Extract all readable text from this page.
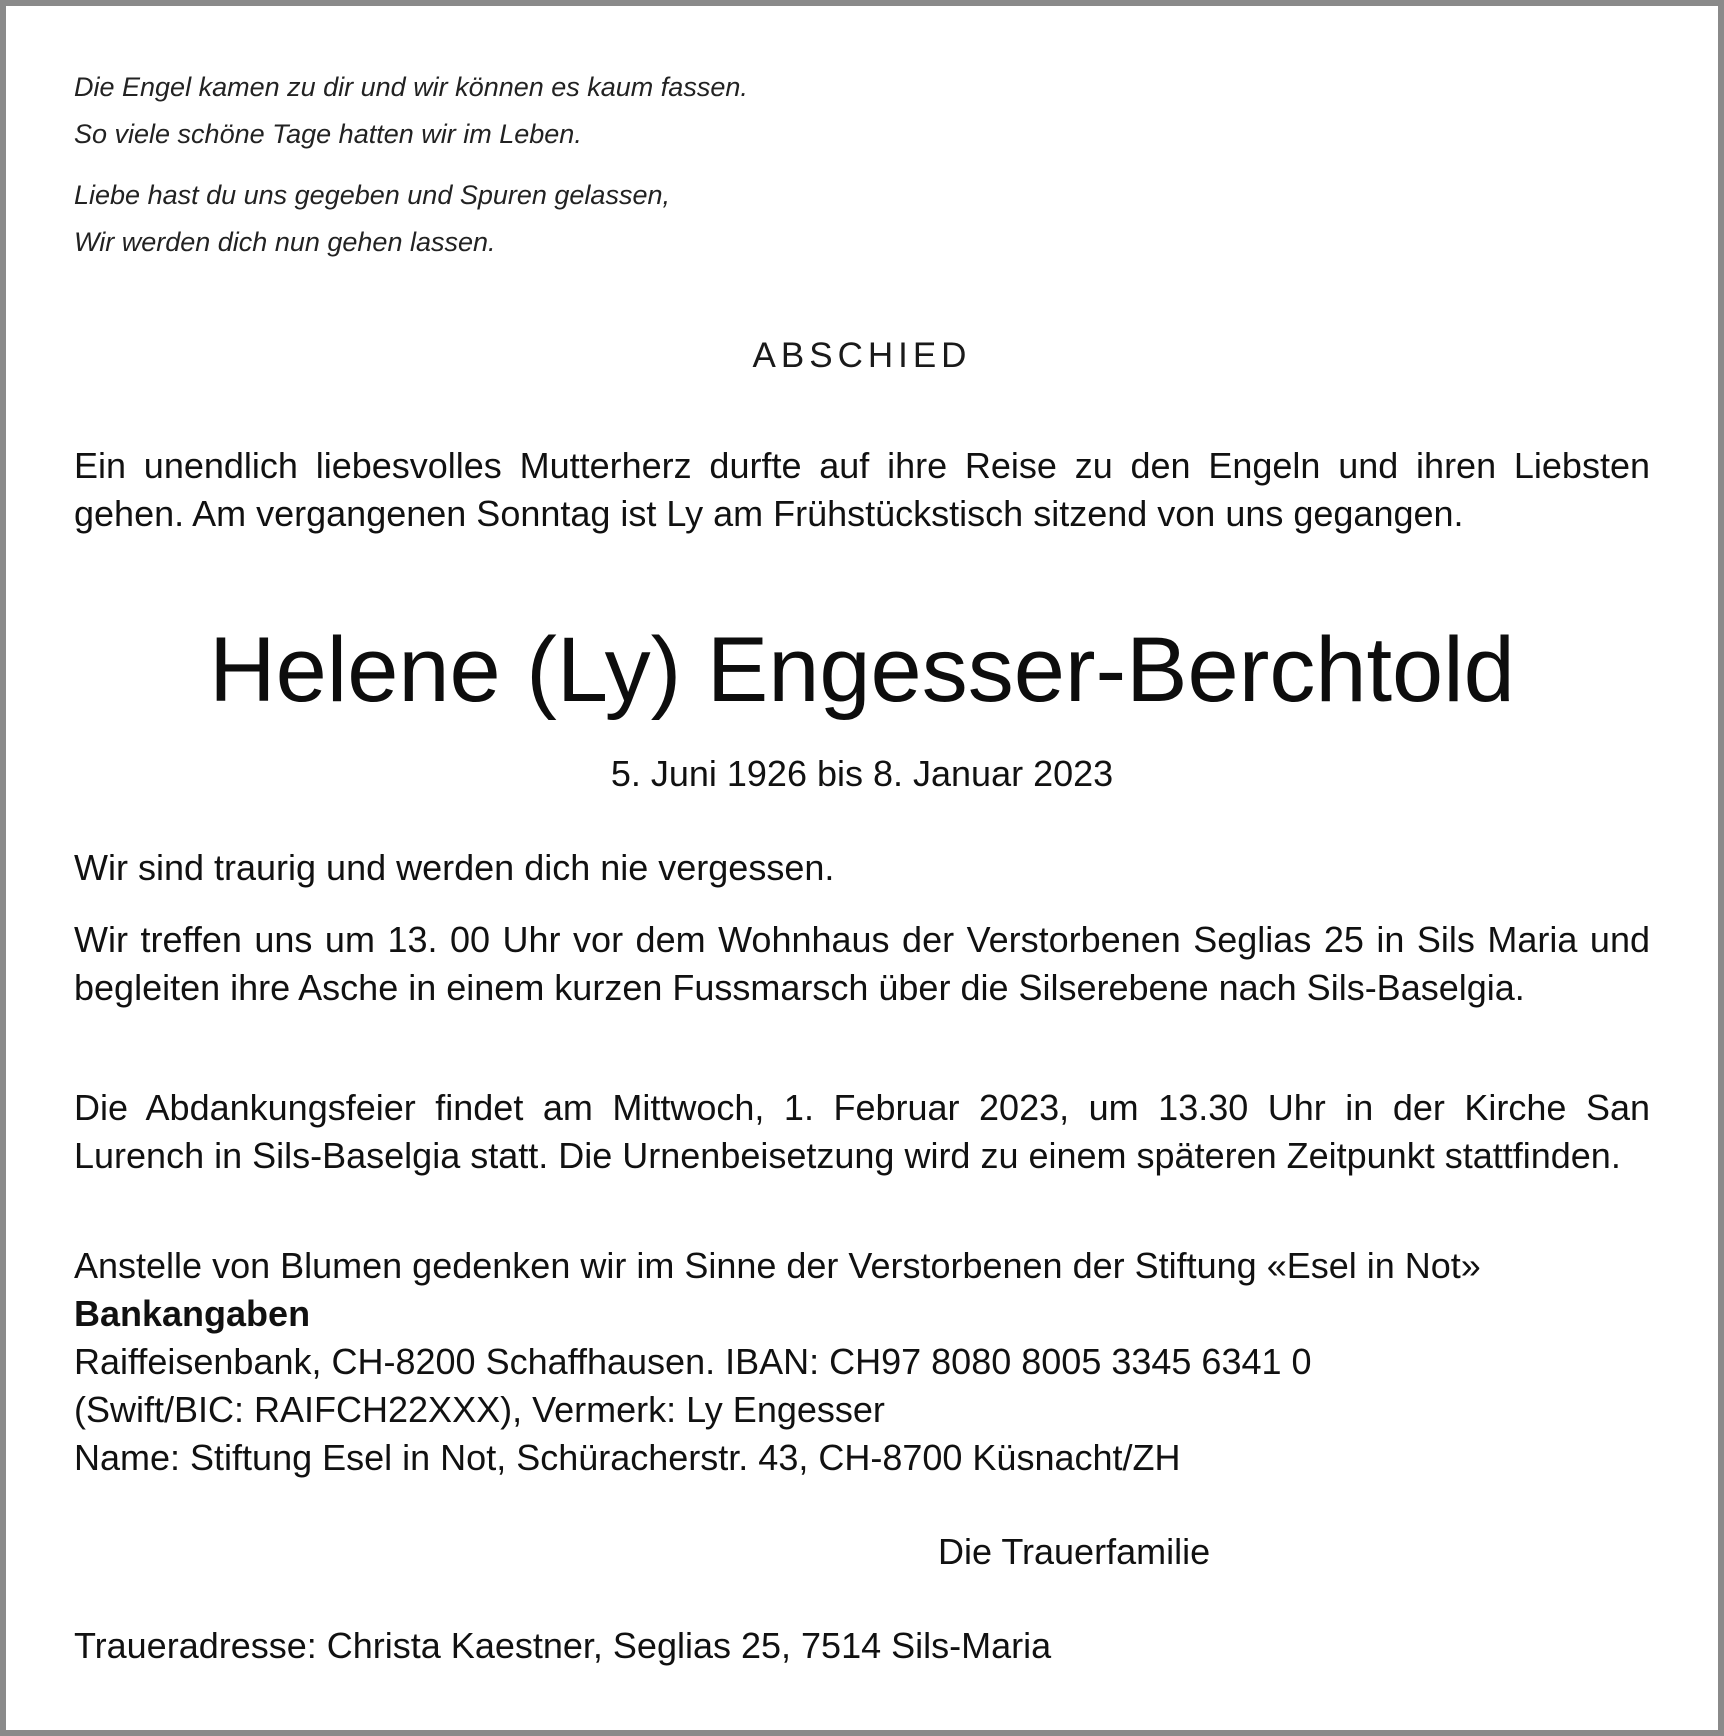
Die Engel kamen zu dir und wir können es kaum fassen.

So viele schöne Tage hatten wir im Leben.

Liebe hast du uns gegeben und Spuren gelassen,

Wir werden dich nun gehen lassen.

ABSCHIED

Ein unendlich liebesvolles Mutterherz durfte auf ihre Reise zu den Engeln und ihren Liebsten gehen. Am vergangenen Sonntag ist Ly am Frühstückstisch sitzend von uns gegangen.

Helene (Ly) Engesser-Berchtold
5. Juni 1926 bis 8. Januar 2023

Wir sind traurig und werden dich nie vergessen.

Wir treffen uns um 13. 00 Uhr vor dem Wohnhaus der Verstorbenen Seglias 25 in Sils Maria und begleiten ihre Asche in einem kurzen Fussmarsch über die Silserebene nach Sils-Baselgia.

Die Abdankungsfeier findet am Mittwoch, 1. Februar 2023, um 13.30 Uhr in der Kirche San Lurench in Sils-Baselgia statt. Die Urnenbeisetzung wird zu einem späteren Zeitpunkt stattfinden.

Anstelle von Blumen gedenken wir im Sinne der Verstorbenen der Stiftung «Esel in Not»

Bankangaben

Raiffeisenbank, CH-8200 Schaffhausen. IBAN: CH97 8080 8005 3345 6341 0

(Swift/BIC: RAIFCH22XXX), Vermerk: Ly Engesser

Name: Stiftung Esel in Not, Schüracherstr. 43, CH-8700 Küsnacht/ZH

Die Trauerfamilie

Traueradresse: Christa Kaestner, Seglias 25, 7514 Sils-Maria
